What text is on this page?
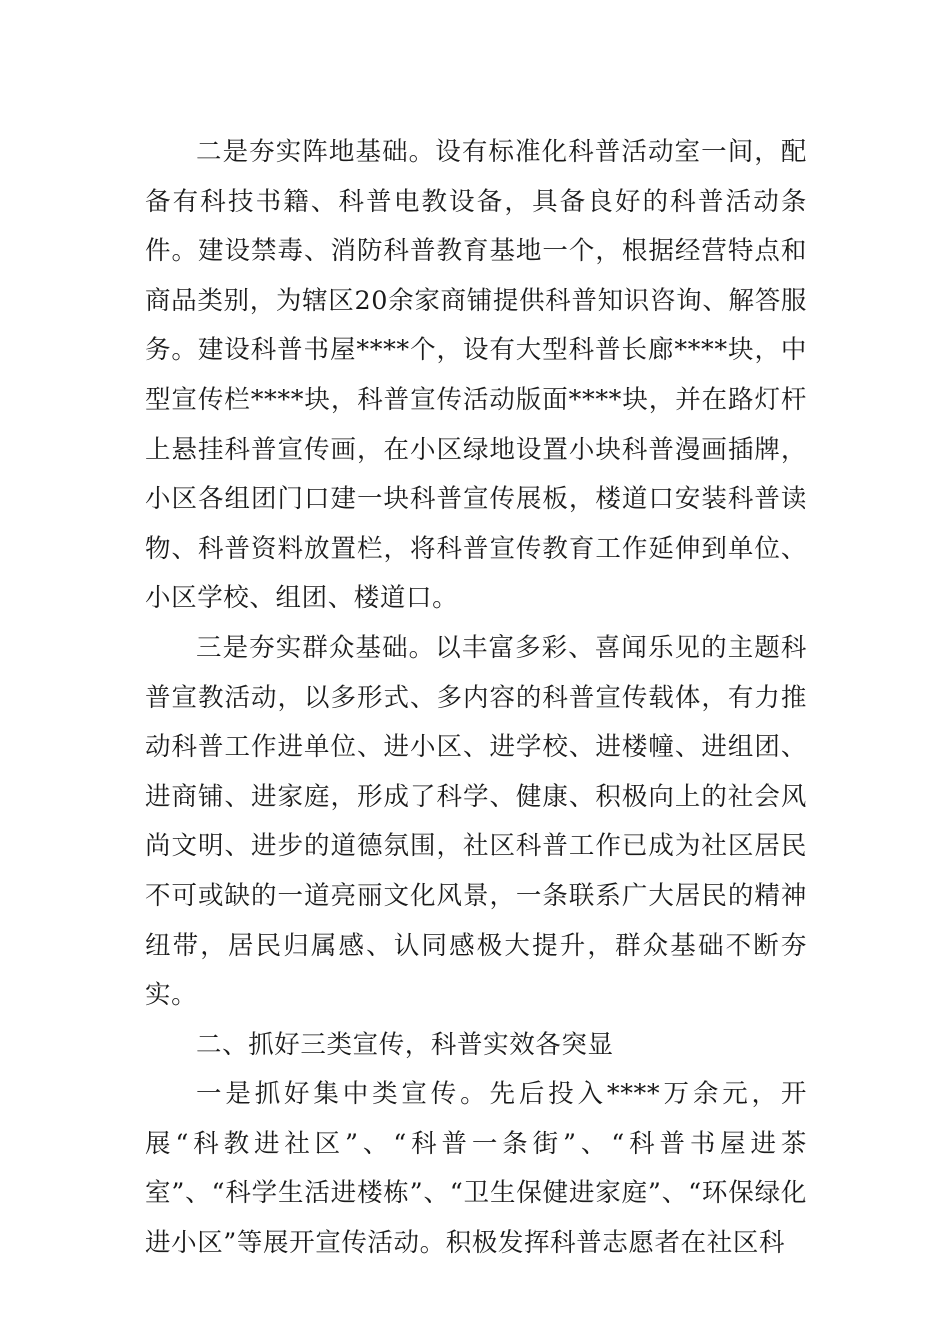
二是夯实阵地基础。设有标准化科普活动室一间，配备有科技书籍、科普电教设备，具备良好的科普活动条件。建设禁毒、消防科普教育基地一个，根据经营特点和商品类别，为辖区20余家商铺提供科普知识咨询、解答服务。建设科普书屋****个，设有大型科普长廊****块，中型宣传栏****块，科普宣传活动版面****块，并在路灯杆上悬挂科普宣传画，在小区绿地设置小块科普漫画插牌，小区各组团门口建一块科普宣传展板，楼道口安装科普读物、科普资料放置栏，将科普宣传教育工作延伸到单位、小区学校、组团、楼道口。

三是夯实群众基础。以丰富多彩、喜闻乐见的主题科普宣教活动，以多形式、多内容的科普宣传载体，有力推动科普工作进单位、进小区、进学校、进楼幢、进组团、进商铺、进家庭，形成了科学、健康、积极向上的社会风尚文明、进步的道德氛围，社区科普工作已成为社区居民不可或缺的一道亮丽文化风景，一条联系广大居民的精神纽带，居民归属感、认同感极大提升，群众基础不断夯实。

二、抓好三类宣传，科普实效各突显

一是抓好集中类宣传。先后投入****万余元，开展“科教进社区”、“科普一条街”、“科普书屋进茶室”、“科学生活进楼栋”、“卫生保健进家庭”、“环保绿化进小区”等展开宣传活动。积极发挥科普志愿者在社区科
